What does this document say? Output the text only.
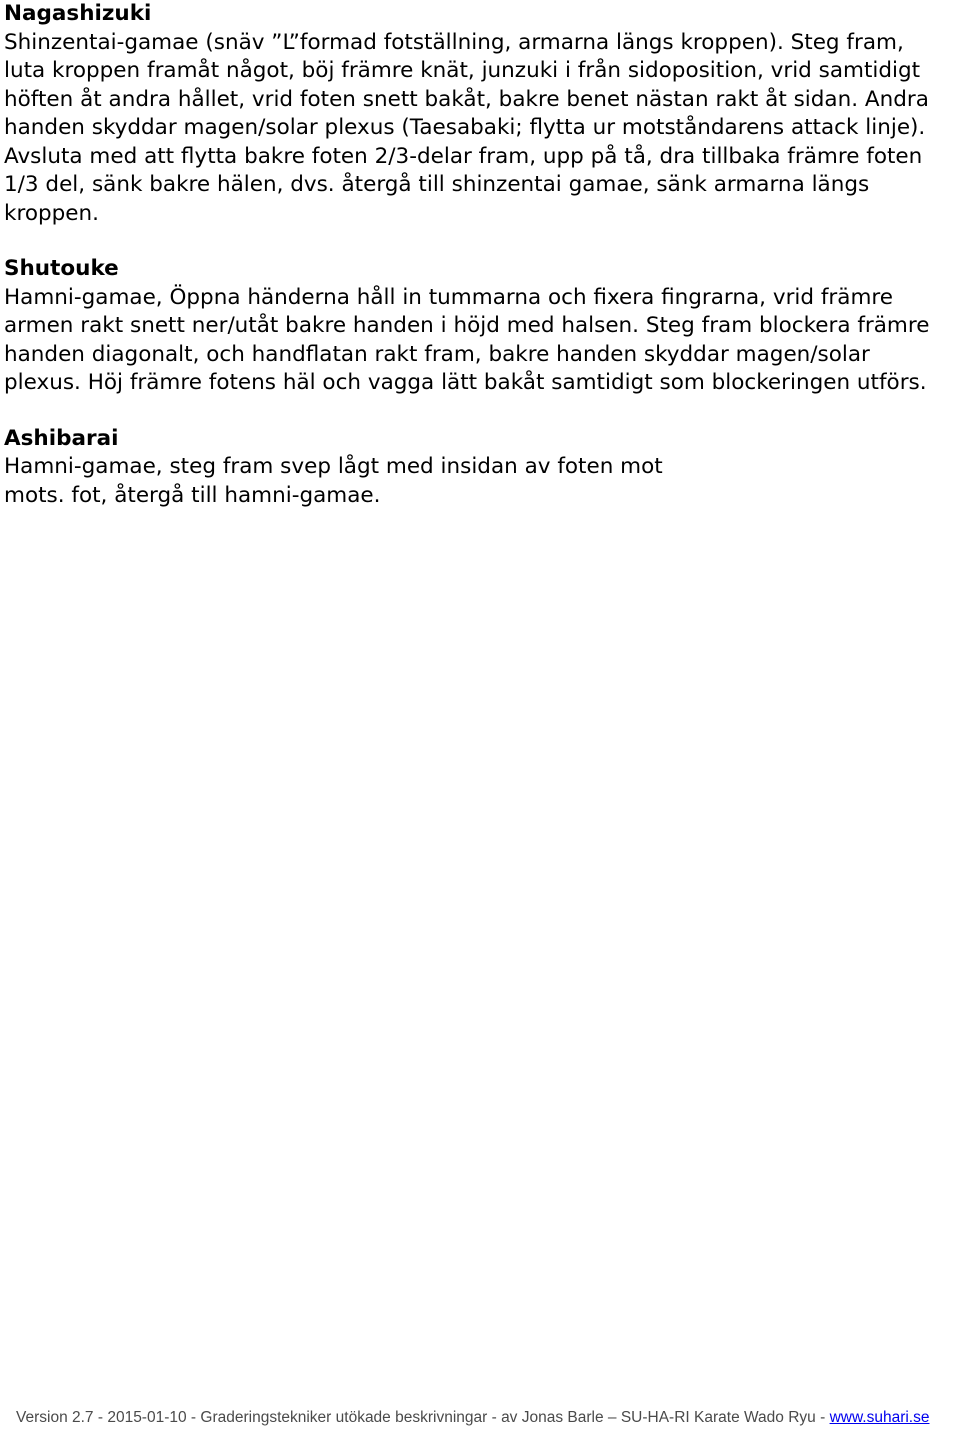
Nagashizuki

Shinzentai-gamae (snäv ”L”formad fotställning, armarna längs kroppen). Steg fram,
luta kroppen framåt något, böj främre knät, junzuki i från sidoposition, vrid samtidigt
höften åt andra hållet, vrid foten snett bakåt, bakre benet nästan rakt åt sidan. Andra
handen skyddar magen/solar plexus (Taesabaki; flytta ur motståndarens attack linje).
Avsluta med att flytta bakre foten 2/3-delar fram, upp på tå, dra tillbaka främre foten
1/3 del, sänk bakre hälen, dvs. återgå till shinzentai gamae, sänk armarna längs
kroppen.

Shutouke

Hamni-gamae, Öppna händerna håll in tummarna och fixera fingrarna, vrid främre
armen rakt snett ner/utåt bakre handen i höjd med halsen. Steg fram blockera främre
handen diagonalt, och handflatan rakt fram, bakre handen skyddar magen/solar
plexus. Höj främre fotens häl och vagga lätt bakåt samtidigt som blockeringen utförs.

Ashibarai

Hamni-gamae, steg fram svep lågt med insidan av foten mot
mots. fot, återgå till hamni-gamae.

Version 2.7 - 2015-01-10 - Graderingstekniker utökade beskrivningar - av Jonas Barle – SU-HA-RI Karate Wado Ryu - www.suhari.se
